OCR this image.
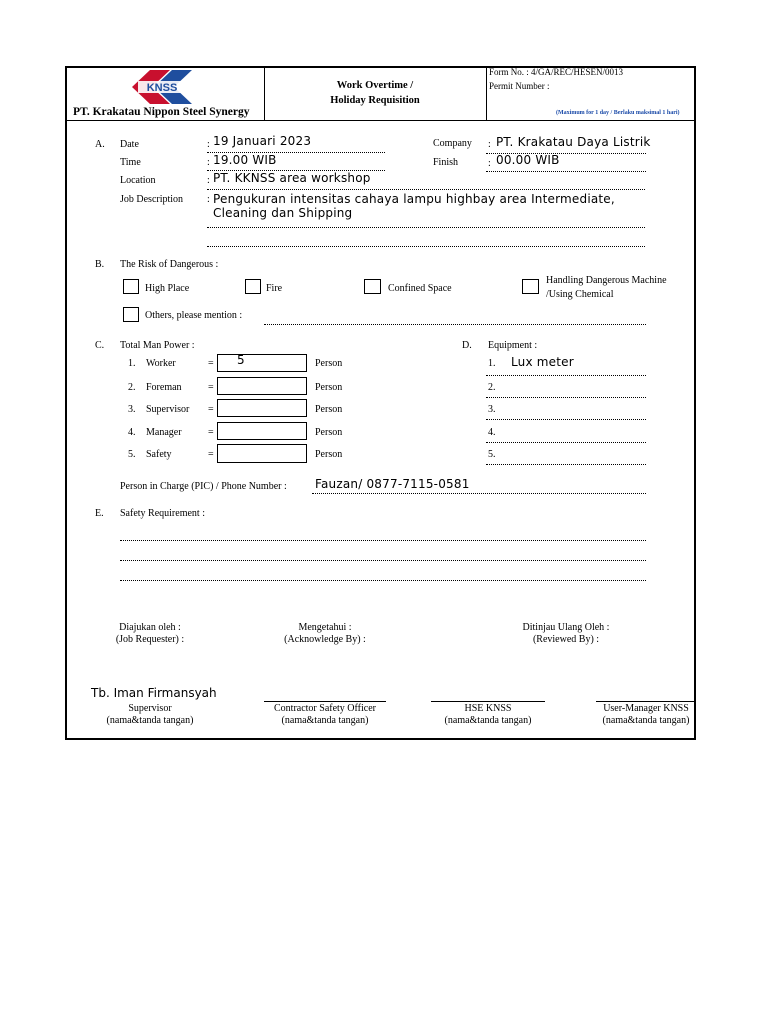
KNSS
PT. Krakatau Nippon Steel Synergy
Work Overtime /
Holiday Requisition
Form No. : 4/GA/REC/HESEN/0013
Permit Number :
(Maximum for 1 day / Berlaku maksimal 1 hari)
A. Date	: 19 Januari 2023
Time	: 19.00 WIB
Location	: PT. KKNSS area workshop
Job Description : Pengukuran intensitas cahaya lampu highbay area Intermediate,
Cleaning dan Shipping
Company : PT. Krakatau Daya Listrik
Finish	: 00.00 WIB
B. The Risk of Dangerous :
High Place	Fire	Confined Space
Handling Dangerous Machine
/Using Chemical
Others, please mention :
C. Total Man Power :
1. Worker	= 5	Person
2. Foreman	=	Person
3. Supervisor =	Person
4. Manager	=	Person
5. Safety	=	Person
Person in Charge (PIC) / Phone Number : Fauzan/ 0877-7115-0581
D. Equipment :
1. Lux meter
2.
3.
4.
5.
E. Safety Requirement :
Diajukan oleh :
(Job Requester) :
Mengetahui :
(Acknowledge By) :
Ditinjau Ulang Oleh :
(Reviewed By) :
Tb. Iman Firmansyah
Supervisor
(nama&tanda tangan)
Contractor Safety Officer
(nama&tanda tangan)
HSE KNSS
(nama&tanda tangan)
User-Manager KNSS
(nama&tanda tangan)
